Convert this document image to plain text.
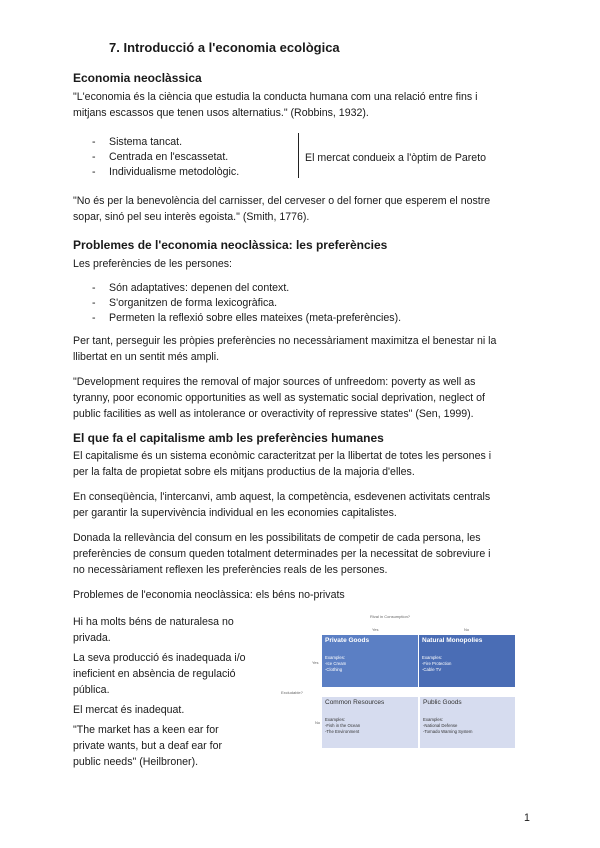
7. Introducció a l'economia ecològica
Economia neoclàssica

"L'economia és la ciència que estudia la conducta humana com una relació entre fins i

mitjans escassos que tenen usos alternatius." (Robbins, 1932).

- Sistema tancat.
- Centrada en l'escassetat.
- Individualisme metodològic.

El mercat condueix a l'òptim de Pareto

"No és per la benevolència del carnisser, del cerveser o del forner que esperem el nostre

sopar, sinó pel seu interès egoista." (Smith, 1776).

Problemes de l'economia neoclàssica: les preferències

Les preferències de les persones:

- Són adaptatives: depenen del context.
- S'organitzen de forma lexicogràfica.
- Permeten la reflexió sobre elles mateixes (meta-preferències).

Per tant, perseguir les pròpies preferències no necessàriament maximitza el benestar ni la

llibertat en un sentit més ampli.

"Development requires the removal of major sources of unfreedom: poverty as well as

tyranny, poor economic opportunities as well as systematic social deprivation, neglect of

public facilities as well as intolerance or overactivity of repressive states" (Sen, 1999).

El que fa el capitalisme amb les preferències humanes

El capitalisme és un sistema econòmic caracteritzat per la llibertat de totes les persones i

per la falta de propietat sobre els mitjans productius de la majoria d'elles.

En conseqüència, l'intercanvi, amb aquest, la competència, esdevenen activitats centrals

per garantir la supervivència individual en les economies capitalistes.

Donada la rellevància del consum en les possibilitats de competir de cada persona, les

preferències de consum queden totalment determinades per la necessitat de sobreviure i

no necessàriament reflexen les preferències reals de les persones.

Problemes de l'economia neoclàssica: els béns no-privats

Hi ha molts béns de naturalesa no

privada.

La seva producció és inadequada i/o

ineficient en absència de regulació

pública.

El mercat és inadequat.

"The market has a keen ear for

private wants, but a deaf ear for

public needs" (Heilbroner).

Rival in Consumption?
Yes	No
Yes
No
Excludable?
Private Goods
Examples:
-Ice Cream
-Clothing
Natural Monopolies
Examples:
-Fire Protection
-Cable TV
Common Resources
Examples:
-Fish in the Ocean
-The Environment
Public Goods
Examples:
-National Defense
-Tornado Warning System
1
